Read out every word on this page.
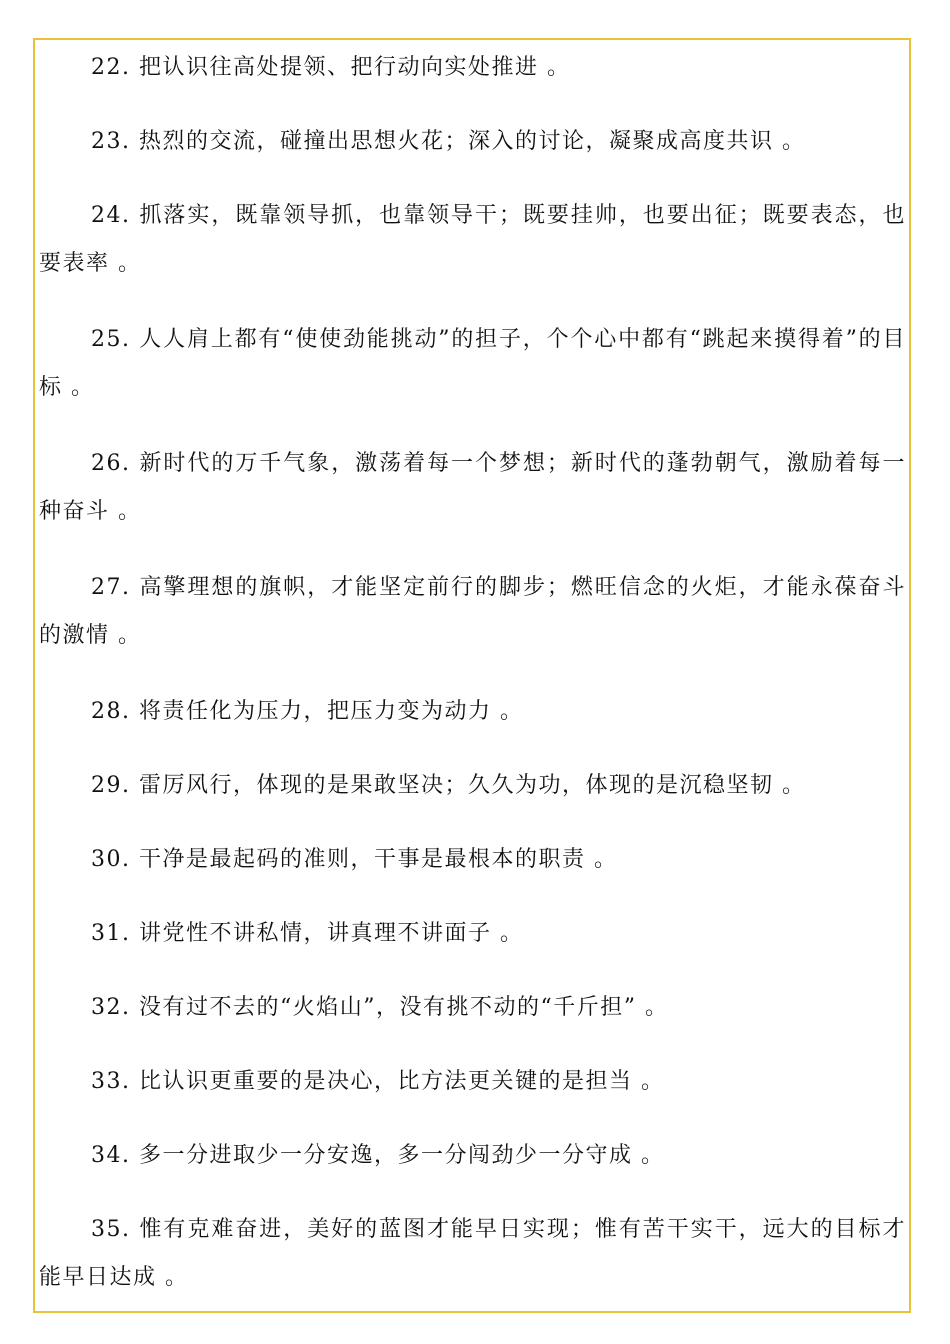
22. 把认识往高处提领、把行动向实处推进 。

23. 热烈的交流，碰撞出思想火花；深入的讨论，凝聚成高度共识 。

24. 抓落实，既靠领导抓，也靠领导干；既要挂帅，也要出征；既要表态，也要表率 。

25. 人人肩上都有“使使劲能挑动”的担子，个个心中都有“跳起来摸得着”的目标 。

26. 新时代的万千气象，激荡着每一个梦想；新时代的蓬勃朝气，激励着每一种奋斗 。

27. 高擎理想的旗帜，才能坚定前行的脚步；燃旺信念的火炬，才能永葆奋斗的激情 。

28. 将责任化为压力，把压力变为动力 。

29. 雷厉风行，体现的是果敢坚决；久久为功，体现的是沉稳坚韧 。

30. 干净是最起码的准则，干事是最根本的职责 。

31. 讲党性不讲私情，讲真理不讲面子 。

32. 没有过不去的“火焰山”，没有挑不动的“千斤担” 。

33. 比认识更重要的是决心，比方法更关键的是担当 。

34. 多一分进取少一分安逸，多一分闯劲少一分守成 。

35. 惟有克难奋进，美好的蓝图才能早日实现；惟有苦干实干，远大的目标才能早日达成 。
